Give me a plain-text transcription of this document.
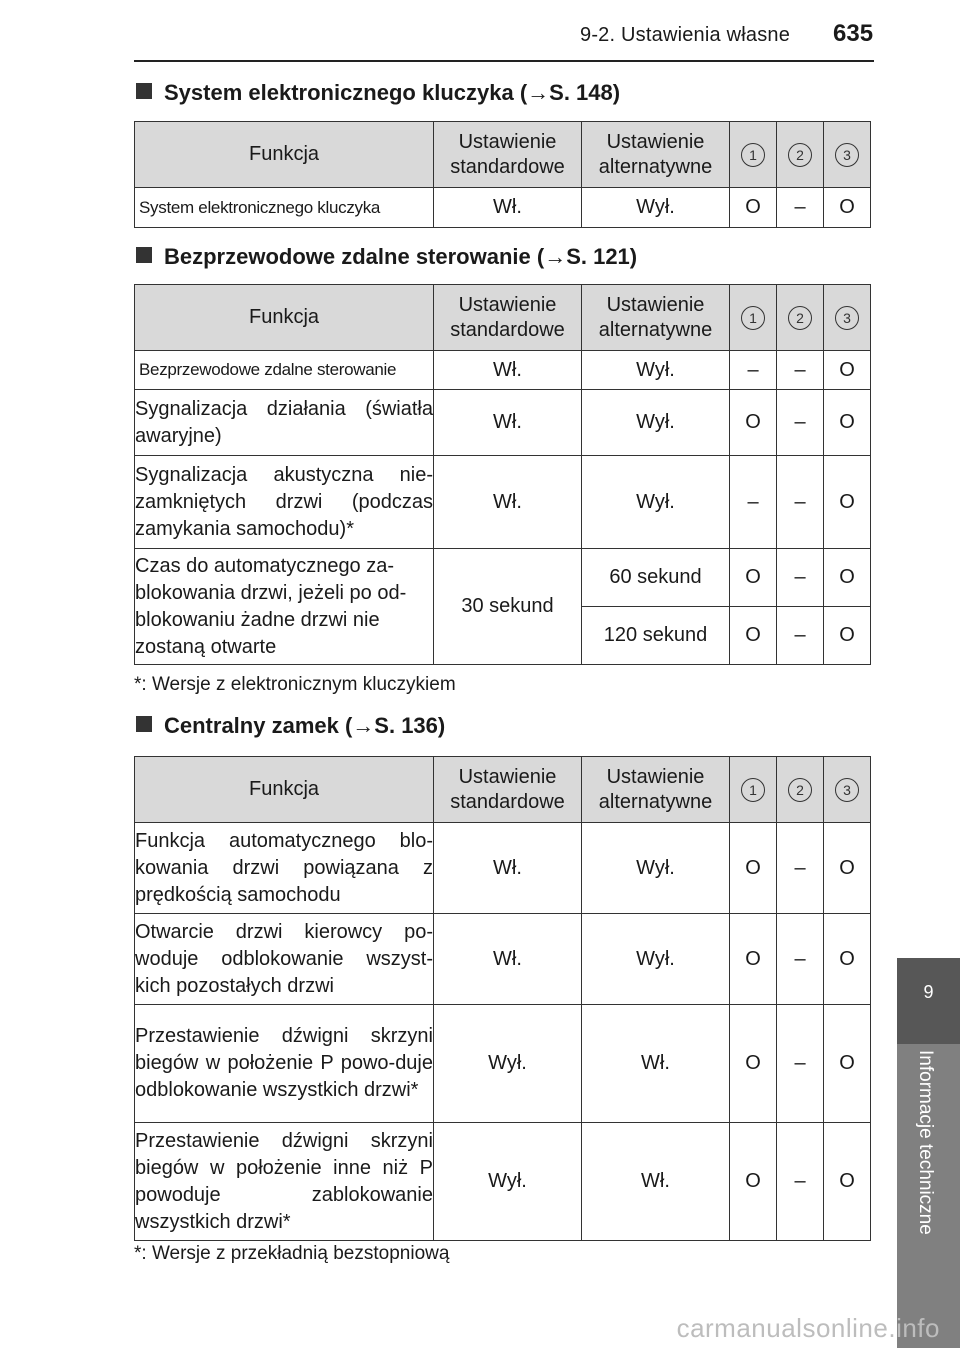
9-2. Ustawienia własne 635
System elektronicznego kluczyka (→S. 148)
Funkcja	Ustawienie standardowe	Ustawienie alternatywne	1	2	3
System elektronicznego kluczyka	Wł.	Wył.	O	–	O
Bezprzewodowe zdalne sterowanie (→S. 121)
Funkcja	Ustawienie standardowe	Ustawienie alternatywne	1	2	3
Bezprzewodowe zdalne sterowanie	Wł.	Wył.	–	–	O
Sygnalizacja działania (światła awaryjne)	Wł.	Wył.	O	–	O
Sygnalizacja akustyczna nie-zamkniętych drzwi (podczas zamykania samochodu)*	Wł.	Wył.	–	–	O
Czas do automatycznego za-blokowania drzwi, jeżeli po od-blokowaniu żadne drzwi nie zostaną otwarte	30 sekund	60 sekund	O	–	O
		120 sekund	O	–	O
*: Wersje z elektronicznym kluczykiem
Centralny zamek (→S. 136)
Funkcja	Ustawienie standardowe	Ustawienie alternatywne	1	2	3
Funkcja automatycznego blo-kowania drzwi powiązana z prędkością samochodu	Wł.	Wył.	O	–	O
Otwarcie drzwi kierowcy po-woduje odblokowanie wszyst-kich pozostałych drzwi	Wł.	Wył.	O	–	O
Przestawienie dźwigni skrzyni biegów w położenie P powo-duje odblokowanie wszystkich drzwi*	Wył.	Wł.	O	–	O
Przestawienie dźwigni skrzyni biegów w położenie inne niż P powoduje zablokowanie wszystkich drzwi*	Wył.	Wł.	O	–	O
*: Wersje z przekładnią bezstopniową
9
Informacje techniczne
carmanualsonline.info
